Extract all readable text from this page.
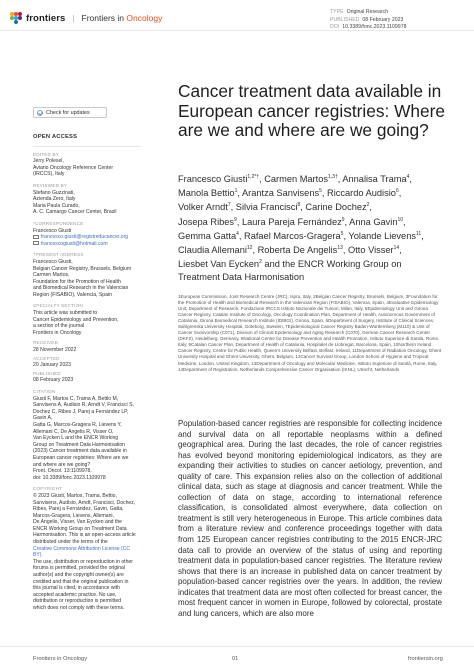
frontiers | Frontiers in Oncology
TYPE Original Research
PUBLISHED 08 February 2023
DOI 10.3389/fonc.2023.1109978
Check for updates
OPEN ACCESS
EDITED BY
Jerry Polesel,
Aviano Oncology Reference Center
(IRCCS), Italy
REVIEWED BY
Stefano Guzzinati,
Azienda Zero, Italy
Maria Paula Curado,
A. C. Camargo Cancer Center, Brazil
*CORRESPONDENCE
Francesco Giusti
francesco.giusti@registreducancer.org
francescogiusti@hotmail.com
†PRESENT ADDRESS
Francesco Giusti,
Belgian Cancer Registry, Brussels, Belgium
Carmen Martos,
Foundation for the Promotion of Health
and Biomedical Research in the Valencian
Region (FISABIO), Valencia, Spain
SPECIALTY SECTION
This article was submitted to
Cancer Epidemiology and Prevention,
a section of the journal
Frontiers in Oncology
RECEIVED
28 November 2022
ACCEPTED
20 January 2023
PUBLISHED
08 February 2023
CITATION
Giusti F, Martos C, Trama A, Bettio M,
Sanvisens A, Audisio R, Arndt V, Francisci S,
Dochez C, Ribes J, Parej a Fernández LP, Gavin A,
Gatta G, Marcos-Gragera R, Lievens Y,
Allemani C, De Angelis R, Visser O,
Van Eycken L and the ENCR Working
Group on Treatment Data Harmonisation
(2023) Cancer treatment data available in
European cancer registries: Where are we
and where are we going?
Front. Oncol. 13:1109978.
doi: 10.3389/fonc.2023.1109978
COPYRIGHT
© 2023 Giusti, Martos, Trama, Bettio,
Sanvisens, Audisio, Arndt, Francisci, Dochez,
Ribes, Parej a Fernández, Gavin, Gatta,
Marcos-Gragera, Lievens, Allemani,
De Angelis, Visser, Van Eycken and the
ENCR Working Group on Treatment Data
Harmonisation. This is an open-access article
distributed under the terms of the
Creative Commons Attribution License (CC BY).
The use, distribution or reproduction in other
forums is permitted, provided the original
author(s) and the copyright owner(s) are
credited and that the original publication in
this journal is cited, in accordance with
accepted academic practice. No use,
distribution or reproduction is permitted
which does not comply with these terms.
Cancer treatment data available in European cancer registries: Where are we and where are we going?
Francesco Giusti$^{1,2*\dagger}$, Carmen Martos$^{1,3\dagger}$, Annalisa Trama$^4$,
Manola Bettio$^1$, Arantza Sanvisens$^5$, Riccardo Audisio$^6$,
Volker Arndt$^7$, Silvia Francisci$^8$, Carine Dochez$^2$,
Josepa Ribes$^9$, Laura Pareja Fernández$^9$, Anna Gavin$^{10}$,
Gemma Gatta$^4$, Rafael Marcos-Gragera$^5$, Yolande Lievens$^{11}$,
Claudia Allemani$^{12}$, Roberta De Angelis$^{13}$, Otto Visser$^{14}$,
Liesbet Van Eycken$^2$ and the ENCR Working Group on
Treatment Data Harmonisation
1European Commission, Joint Research Centre (JRC), Ispra, Italy, 2Belgian Cancer Registry, Brussels, Belgium, 3Foundation for the Promotion of Health and Biomedical Research in the Valencian Region (FISABIO), Valencia, Spain, 4Evaluative Epidemiology Unit, Department of Research, Fondazione IRCCS Istituto Nazionale dei Tumori, Milan, Italy, 5Epidemiology Unit and Girona Cancer Registry, Catalan Institute of Oncology, Oncology Coordination Plan, Department of Health, Autonomous Government of Catalonia, Girona Biomedical Research Institute (IDIBGI), Girona, Spain, 6Department of Surgery, Institute of Clinical Sciences, Sahlgrenska University Hospital, Göteborg, Sweden, 7Epidemiological Cancer Registry Baden-Württemberg (M110) & Unit of Cancer Survivorship (C071), Division of Clinical Epidemiology and Aging Research (C070), German Cancer Research Center (DKFZ), Heidelberg, Germany, 8National Centre for Disease Prevention and Health Promotion, Istituto Superiore di Sanità, Rome, Italy, 9Catalan Cancer Plan, Department of Health of Catalonia, Hospitalet de Llobregat, Barcelona, Spain, 10Northern Ireland Cancer Registry, Centre for Public Health, Queen's University Belfast, Belfast, Ireland, 11Department of Radiation Oncology, Ghent University Hospital and Ghent University, Ghent, Belgium, 12Cancer Survival Group, London School of Hygiene and Tropical Medicine, London, United Kingdom, 13Department of Oncology and Molecular Medicine, Istituto Superiore di Sanità, Rome, Italy, 14Department of Registration, Netherlands Comprehensive Cancer Organisation (IKNL), Utrecht, Netherlands
Population-based cancer registries are responsible for collecting incidence and survival data on all reportable neoplasms within a defined geographical area. During the last decades, the role of cancer registries has evolved beyond monitoring epidemiological indicators, as they are expanding their activities to studies on cancer aetiology, prevention, and quality of care. This expansion relies also on the collection of additional clinical data, such as stage at diagnosis and cancer treatment. While the collection of data on stage, according to international reference classification, is consolidated almost everywhere, data collection on treatment is still very heterogeneous in Europe. This article combines data from a literature review and conference proceedings together with data from 125 European cancer registries contributing to the 2015 ENCR-JRC data call to provide an overview of the status of using and reporting treatment data in population-based cancer registries. The literature review shows that there is an increase in published data on cancer treatment by population-based cancer registries over the years. In addition, the review indicates that treatment data are most often collected for breast cancer, the most frequent cancer in women in Europe, followed by colorectal, prostate and lung cancers, which are also more
Frontiers in Oncology	01	frontiersin.org
